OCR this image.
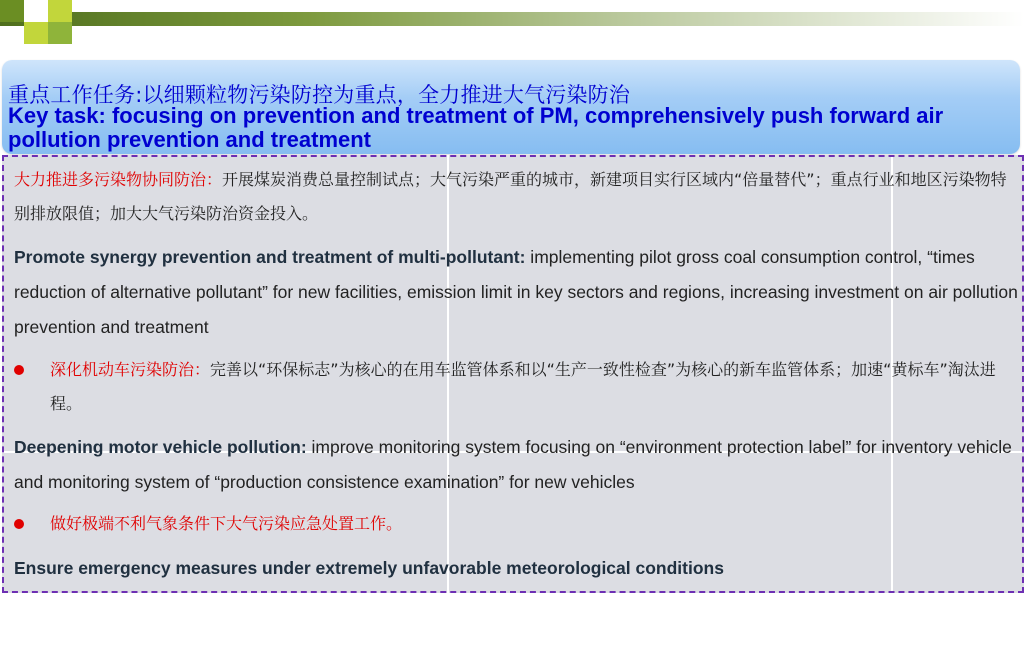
重点工作任务:以细颗粒物污染防控为重点，全力推进大气污染防治
Key task: focusing on prevention and treatment of PM, comprehensively push forward air pollution prevention and treatment
大力推进多污染物协同防治：开展煤炭消费总量控制试点；大气污染严重的城市，新建项目实行区域内“倍量替代”；重点行业和地区污染物特别排放限值；加大大气污染防治资金投入。
Promote synergy prevention and treatment of multi-pollutant: implementing pilot gross coal consumption control, “times reduction of alternative pollutant” for new facilities, emission limit in key sectors and regions, increasing investment on air pollution prevention and treatment
深化机动车污染防治：完善以“环保标志”为核心的在用车监管体系和以“生产一致性检查”为核心的新车监管体系；加速“黄标车”淘汰进程。
Deepening motor vehicle pollution: improve monitoring system focusing on “environment protection label” for inventory vehicle and monitoring system of “production consistence examination” for new vehicles
做好极端不利气象条件下大气污染应急处置工作。
Ensure emergency measures under extremely unfavorable meteorological conditions
